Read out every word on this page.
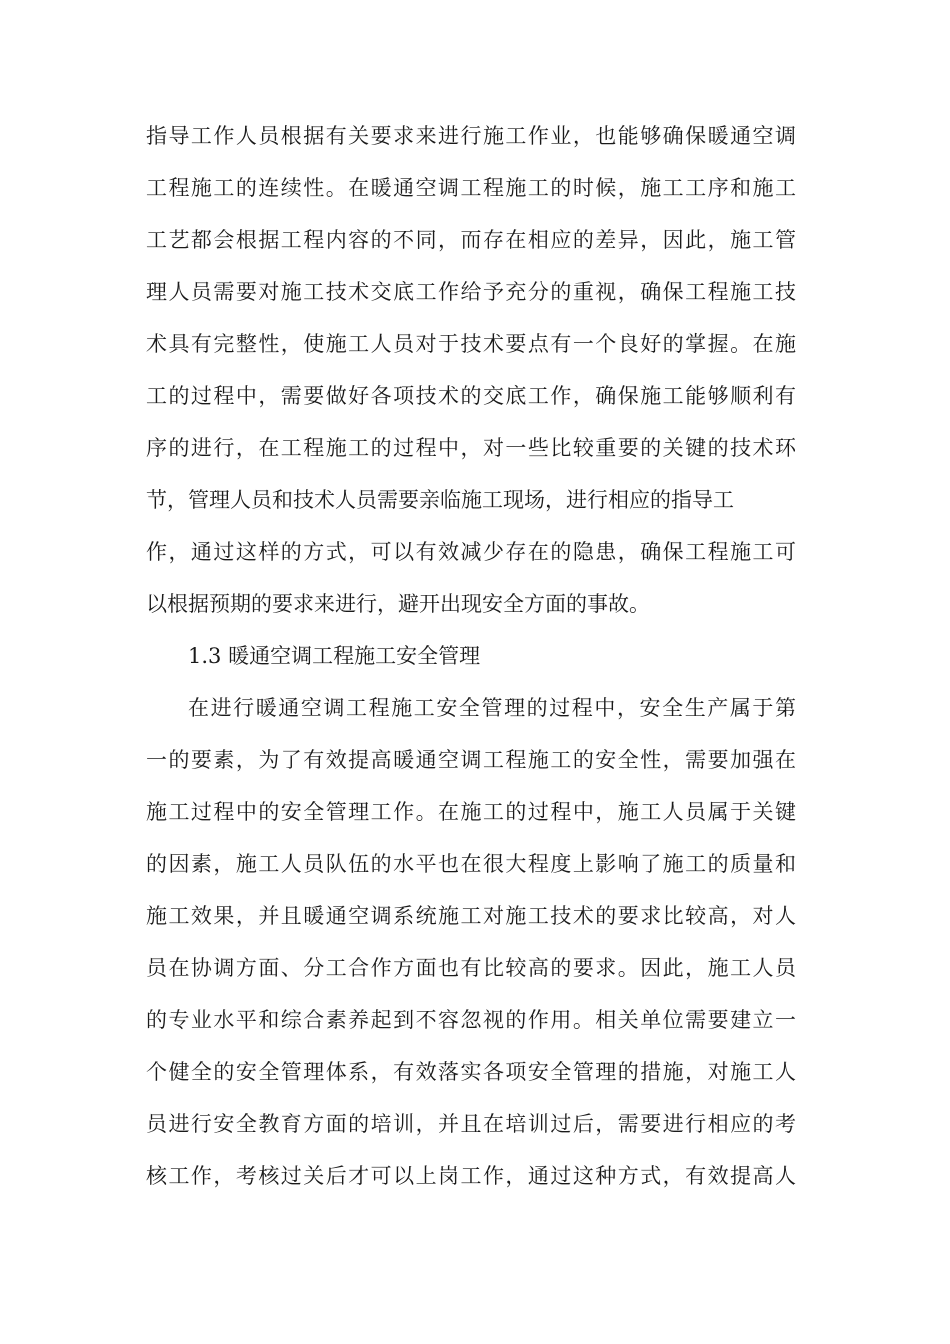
指导工作人员根据有关要求来进行施工作业，也能够确保暖通空调
工程施工的连续性。在暖通空调工程施工的时候，施工工序和施工
工艺都会根据工程内容的不同，而存在相应的差异，因此，施工管
理人员需要对施工技术交底工作给予充分的重视，确保工程施工技
术具有完整性，使施工人员对于技术要点有一个良好的掌握。在施
工的过程中，需要做好各项技术的交底工作，确保施工能够顺利有
序的进行，在工程施工的过程中，对一些比较重要的关键的技术环
节，管理人员和技术人员需要亲临施工现场，进行相应的指导工
作，通过这样的方式，可以有效减少存在的隐患，确保工程施工可
以根据预期的要求来进行，避开出现安全方面的事故。
1.3 暖通空调工程施工安全管理
在进行暖通空调工程施工安全管理的过程中，安全生产属于第
一的要素，为了有效提高暖通空调工程施工的安全性，需要加强在
施工过程中的安全管理工作。在施工的过程中，施工人员属于关键
的因素，施工人员队伍的水平也在很大程度上影响了施工的质量和
施工效果，并且暖通空调系统施工对施工技术的要求比较高，对人
员在协调方面、分工合作方面也有比较高的要求。因此，施工人员
的专业水平和综合素养起到不容忽视的作用。相关单位需要建立一
个健全的安全管理体系，有效落实各项安全管理的措施，对施工人
员进行安全教育方面的培训，并且在培训过后，需要进行相应的考
核工作，考核过关后才可以上岗工作，通过这种方式，有效提高人
